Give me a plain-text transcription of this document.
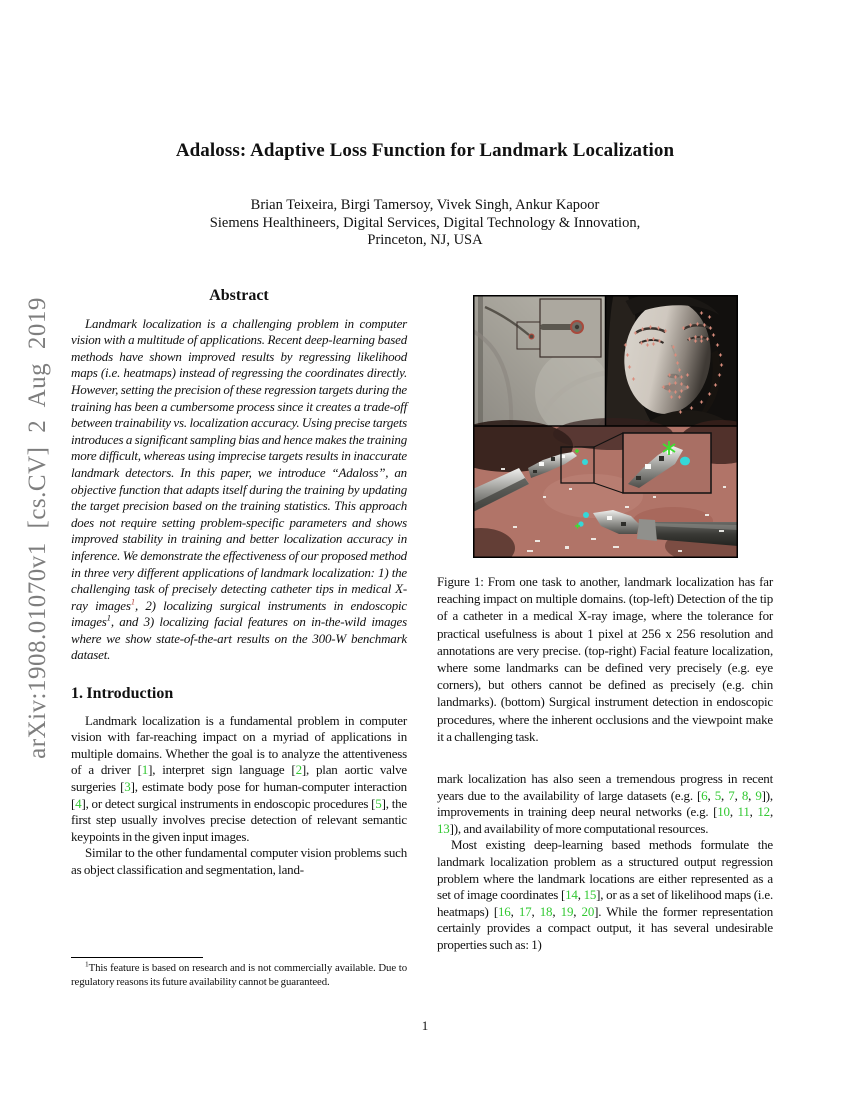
arXiv:1908.01070v1 [cs.CV] 2 Aug 2019
Adaloss: Adaptive Loss Function for Landmark Localization
Brian Teixeira, Birgi Tamersoy, Vivek Singh, Ankur Kapoor
Siemens Healthineers, Digital Services, Digital Technology & Innovation,
Princeton, NJ, USA
Abstract

Landmark localization is a challenging problem in computer vision with a multitude of applications. Recent deep-learning based methods have shown improved results by regressing likelihood maps (i.e. heatmaps) instead of regressing the coordinates directly. However, setting the precision of these regression targets during the training has been a cumbersome process since it creates a trade-off between trainability vs. localization accuracy. Using precise targets introduces a significant sampling bias and hence makes the training more difficult, whereas using imprecise targets results in inaccurate landmark detectors. In this paper, we introduce “Adaloss”, an objective function that adapts itself during the training by updating the target precision based on the training statistics. This approach does not require setting problem-specific parameters and shows improved stability in training and better localization accuracy in inference. We demonstrate the effectiveness of our proposed method in three very different applications of landmark localization: 1) the challenging task of precisely detecting catheter tips in medical X-ray images$^1$, 2) localizing surgical instruments in endoscopic images$^1$, and 3) localizing facial features on in-the-wild images where we show state-of-the-art results on the 300-W benchmark dataset.

1. Introduction

Landmark localization is a fundamental problem in computer vision with far-reaching impact on a myriad of applications in multiple domains. Whether the goal is to analyze the attentiveness of a driver [1], interpret sign language [2], plan aortic valve surgeries [3], estimate body pose for human-computer interaction [4], or detect surgical instruments in endoscopic procedures [5], the first step usually involves precise detection of relevant semantic keypoints in the given input images.

Similar to the other fundamental computer vision problems such as object classification and segmentation, land-

$^1$This feature is based on research and is not commercially available. Due to regulatory reasons its future availability cannot be guaranteed.

Figure 1: From one task to another, landmark localization has far reaching impact on multiple domains. (top-left) Detection of the tip of a catheter in a medical X-ray image, where the tolerance for practical usefulness is about 1 pixel at 256 x 256 resolution and annotations are very precise. (top-right) Facial feature localization, where some landmarks can be defined very precisely (e.g. eye corners), but others cannot be defined as precisely (e.g. chin landmarks). (bottom) Surgical instrument detection in endoscopic procedures, where the inherent occlusions and the viewpoint make it a challenging task.

mark localization has also seen a tremendous progress in recent years due to the availability of large datasets (e.g. [6, 5, 7, 8, 9]), improvements in training deep neural networks (e.g. [10, 11, 12, 13]), and availability of more computational resources.

Most existing deep-learning based methods formulate the landmark localization problem as a structured output regression problem where the landmark locations are either represented as a set of image coordinates [14, 15], or as a set of likelihood maps (i.e. heatmaps) [16, 17, 18, 19, 20]. While the former representation certainly provides a compact output, it has several undesirable properties such as: 1)

1
